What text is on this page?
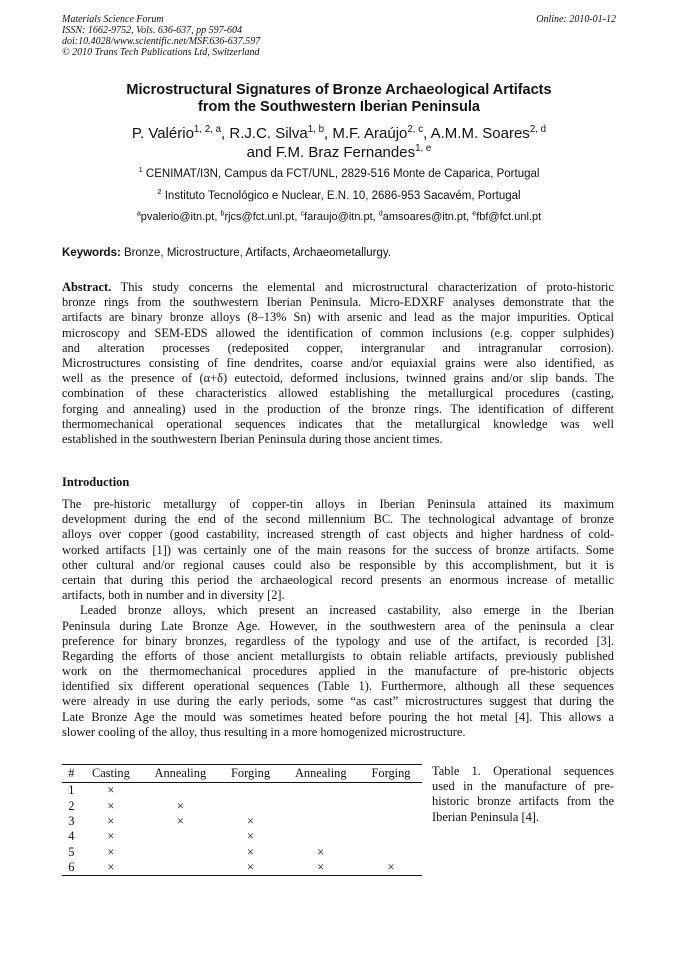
Materials Science Forum
ISSN: 1662-9752, Vols. 636-637, pp 597-604
doi:10.4028/www.scientific.net/MSF.636-637.597
© 2010 Trans Tech Publications Ltd, Switzerland
Online: 2010-01-12
Microstructural Signatures of Bronze Archaeological Artifacts
from the Southwestern Iberian Peninsula
P. Valério$^{1, 2, a}$, R.J.C. Silva$^{1, b}$, M.F. Araújo$^{2, c}$, A.M.M. Soares$^{2, d}$
and F.M. Braz Fernandes$^{1, e}$
$^1$ CENIMAT/I3N, Campus da FCT/UNL, 2829-516 Monte de Caparica, Portugal
$^2$ Instituto Tecnológico e Nuclear, E.N. 10, 2686-953 Sacavém, Portugal
$^a$pvalerio@itn.pt, $^b$rjcs@fct.unl.pt, $^c$faraujo@itn.pt, $^d$amsoares@itn.pt, $^e$fbf@fct.unl.pt
Keywords: Bronze, Microstructure, Artifacts, Archaeometallurgy.
Abstract. This study concerns the elemental and microstructural characterization of proto-historic
bronze rings from the southwestern Iberian Peninsula. Micro-EDXRF analyses demonstrate that the
artifacts are binary bronze alloys (8–13% Sn) with arsenic and lead as the major impurities. Optical
microscopy and SEM-EDS allowed the identification of common inclusions (e.g. copper sulphides)
and alteration processes (redeposited copper, intergranular and intragranular corrosion).
Microstructures consisting of fine dendrites, coarse and/or equiaxial grains were also identified, as
well as the presence of (α+δ) eutectoid, deformed inclusions, twinned grains and/or slip bands. The
combination of these characteristics allowed establishing the metallurgical procedures (casting,
forging and annealing) used in the production of the bronze rings. The identification of different
thermomechanical operational sequences indicates that the metallurgical knowledge was well
established in the southwestern Iberian Peninsula during those ancient times.
Introduction
The pre-historic metallurgy of copper-tin alloys in Iberian Peninsula attained its maximum
development during the end of the second millennium BC. The technological advantage of bronze
alloys over copper (good castability, increased strength of cast objects and higher hardness of cold-
worked artifacts [1]) was certainly one of the main reasons for the success of bronze artifacts. Some
other cultural and/or regional causes could also be responsible by this accomplishment, but it is
certain that during this period the archaeological record presents an enormous increase of metallic
artifacts, both in number and in diversity [2].
Leaded bronze alloys, which present an increased castability, also emerge in the Iberian
Peninsula during Late Bronze Age. However, in the southwestern area of the peninsula a clear
preference for binary bronzes, regardless of the typology and use of the artifact, is recorded [3].
Regarding the efforts of those ancient metallurgists to obtain reliable artifacts, previously published
work on the thermomechanical procedures applied in the manufacture of pre-historic objects
identified six different operational sequences (Table 1). Furthermore, although all these sequences
were already in use during the early periods, some “as cast” microstructures suggest that during the
Late Bronze Age the mould was sometimes heated before pouring the hot metal [4]. This allows a
slower cooling of the alloy, thus resulting in a more homogenized microstructure.
#	Casting	Annealing	Forging	Annealing	Forging
1	×				
2	×	×			
3	×	×	×		
4	×		×		
5	×		×	×	
6	×		×	×	×
Table 1. Operational sequences
used in the manufacture of pre-
historic bronze artifacts from the
Iberian Peninsula [4].
